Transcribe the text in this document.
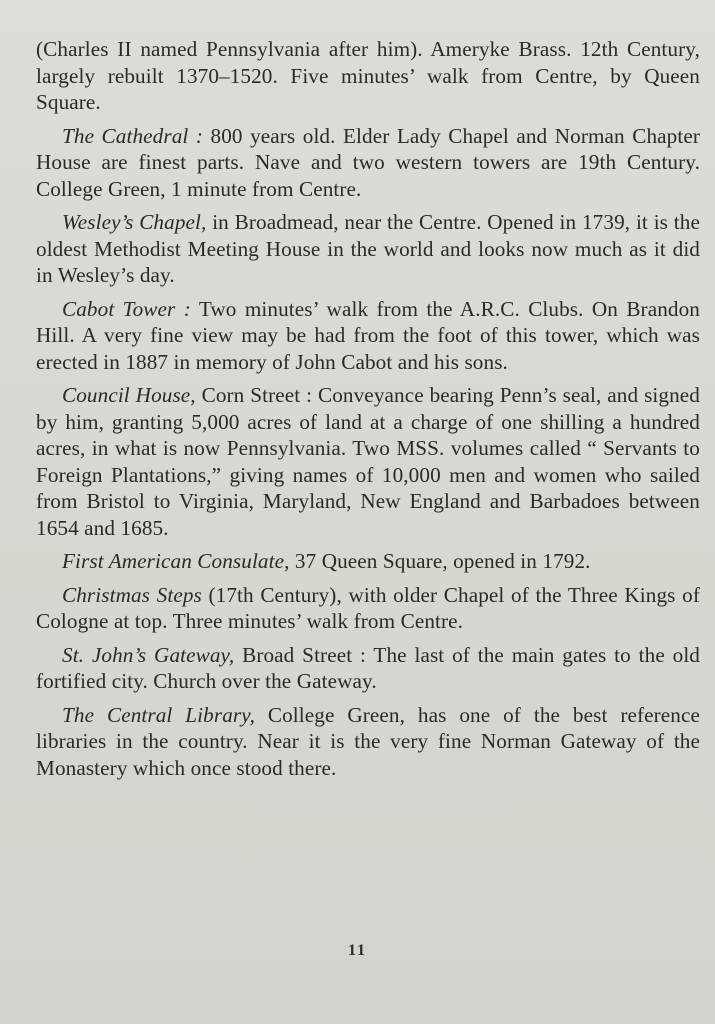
(Charles II named Pennsylvania after him). Ameryke Brass. 12th Century, largely rebuilt 1370–1520. Five minutes’ walk from Centre, by Queen Square.

The Cathedral : 800 years old. Elder Lady Chapel and Norman Chapter House are finest parts. Nave and two western towers are 19th Century. College Green, 1 minute from Centre.

Wesley’s Chapel, in Broadmead, near the Centre. Opened in 1739, it is the oldest Methodist Meeting House in the world and looks now much as it did in Wesley’s day.

Cabot Tower : Two minutes’ walk from the A.R.C. Clubs. On Brandon Hill. A very fine view may be had from the foot of this tower, which was erected in 1887 in memory of John Cabot and his sons.

Council House, Corn Street : Conveyance bearing Penn’s seal, and signed by him, granting 5,000 acres of land at a charge of one shilling a hundred acres, in what is now Pennsylvania. Two MSS. volumes called “ Servants to Foreign Plantations,” giving names of 10,000 men and women who sailed from Bristol to Virginia, Maryland, New England and Barbadoes between 1654 and 1685.

First American Consulate, 37 Queen Square, opened in 1792.

Christmas Steps (17th Century), with older Chapel of the Three Kings of Cologne at top. Three minutes’ walk from Centre.

St. John’s Gateway, Broad Street : The last of the main gates to the old fortified city. Church over the Gateway.

The Central Library, College Green, has one of the best reference libraries in the country. Near it is the very fine Norman Gateway of the Monastery which once stood there.

11
